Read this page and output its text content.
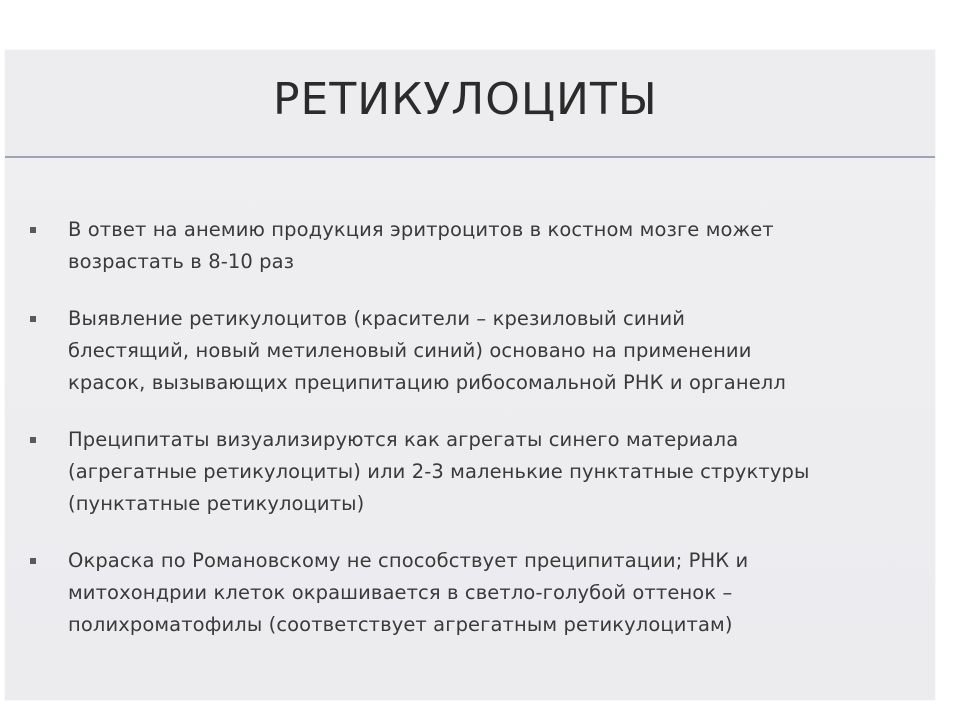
РЕТИКУЛОЦИТЫ
В ответ на анемию продукция эритроцитов в костном мозге может
возрастать в 8-10 раз
Выявление ретикулоцитов (красители – крезиловый синий
блестящий, новый метиленовый синий) основано на применении
красок, вызывающих преципитацию рибосомальной РНК и органелл
Преципитаты визуализируются как агрегаты синего материала
(агрегатные ретикулоциты) или 2-3 маленькие пунктатные структуры
(пунктатные ретикулоциты)
Окраска по Романовскому не способствует преципитации; РНК и
митохондрии клеток окрашивается в светло-голубой оттенок –
полихроматофилы (соответствует агрегатным ретикулоцитам)
